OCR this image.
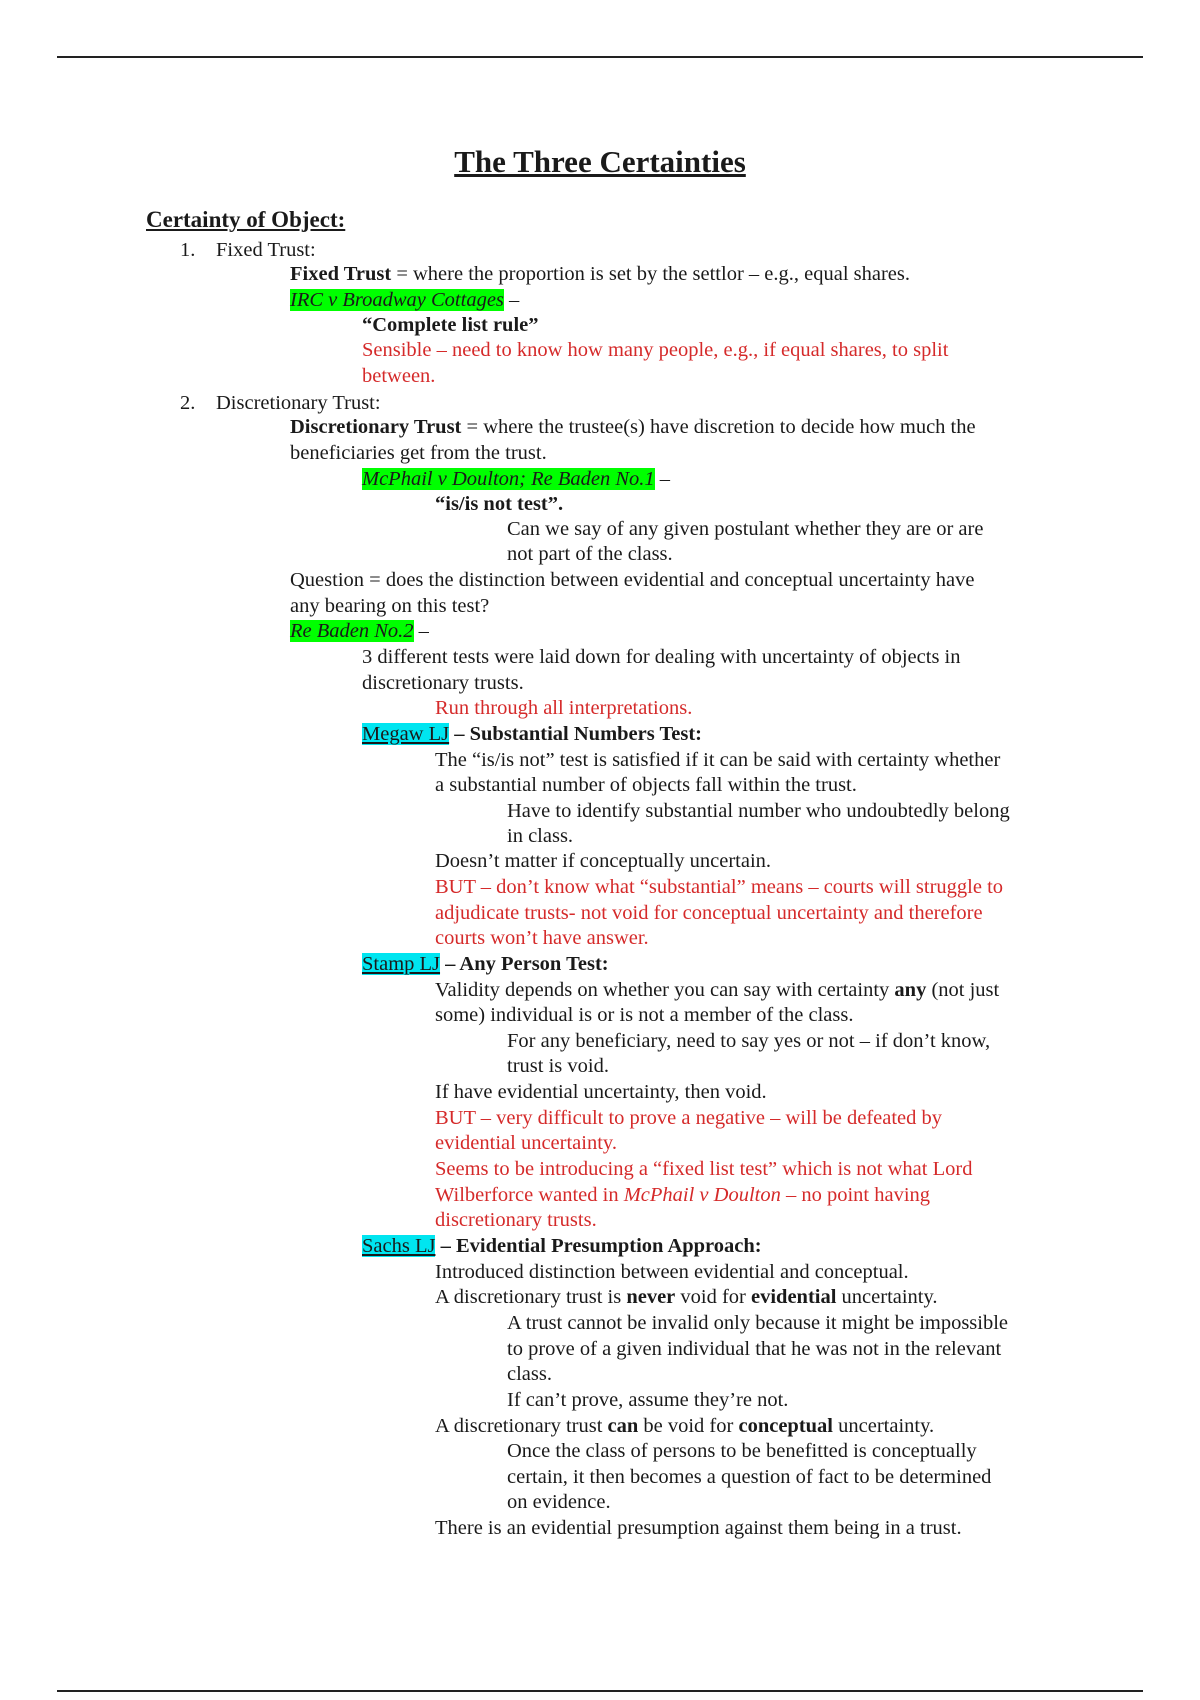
The Three Certainties
Certainty of Object:
1. Fixed Trust:
Fixed Trust = where the proportion is set by the settlor – e.g., equal shares.
IRC v Broadway Cottages –
“Complete list rule”
Sensible – need to know how many people, e.g., if equal shares, to split
between.
2. Discretionary Trust:
Discretionary Trust = where the trustee(s) have discretion to decide how much the
beneficiaries get from the trust.
McPhail v Doulton; Re Baden No.1 –
“is/is not test”.
Can we say of any given postulant whether they are or are
not part of the class.
Question = does the distinction between evidential and conceptual uncertainty have
any bearing on this test?
Re Baden No.2 –
3 different tests were laid down for dealing with uncertainty of objects in
discretionary trusts.
Run through all interpretations.
Megaw LJ – Substantial Numbers Test:
The “is/is not” test is satisfied if it can be said with certainty whether
a substantial number of objects fall within the trust.
Have to identify substantial number who undoubtedly belong
in class.
Doesn’t matter if conceptually uncertain.
BUT – don’t know what “substantial” means – courts will struggle to
adjudicate trusts- not void for conceptual uncertainty and therefore
courts won’t have answer.
Stamp LJ – Any Person Test:
Validity depends on whether you can say with certainty any (not just
some) individual is or is not a member of the class.
For any beneficiary, need to say yes or not – if don’t know,
trust is void.
If have evidential uncertainty, then void.
BUT – very difficult to prove a negative – will be defeated by
evidential uncertainty.
Seems to be introducing a “fixed list test” which is not what Lord
Wilberforce wanted in McPhail v Doulton – no point having
discretionary trusts.
Sachs LJ – Evidential Presumption Approach:
Introduced distinction between evidential and conceptual.
A discretionary trust is never void for evidential uncertainty.
A trust cannot be invalid only because it might be impossible
to prove of a given individual that he was not in the relevant
class.
If can’t prove, assume they’re not.
A discretionary trust can be void for conceptual uncertainty.
Once the class of persons to be benefitted is conceptually
certain, it then becomes a question of fact to be determined
on evidence.
There is an evidential presumption against them being in a trust.
